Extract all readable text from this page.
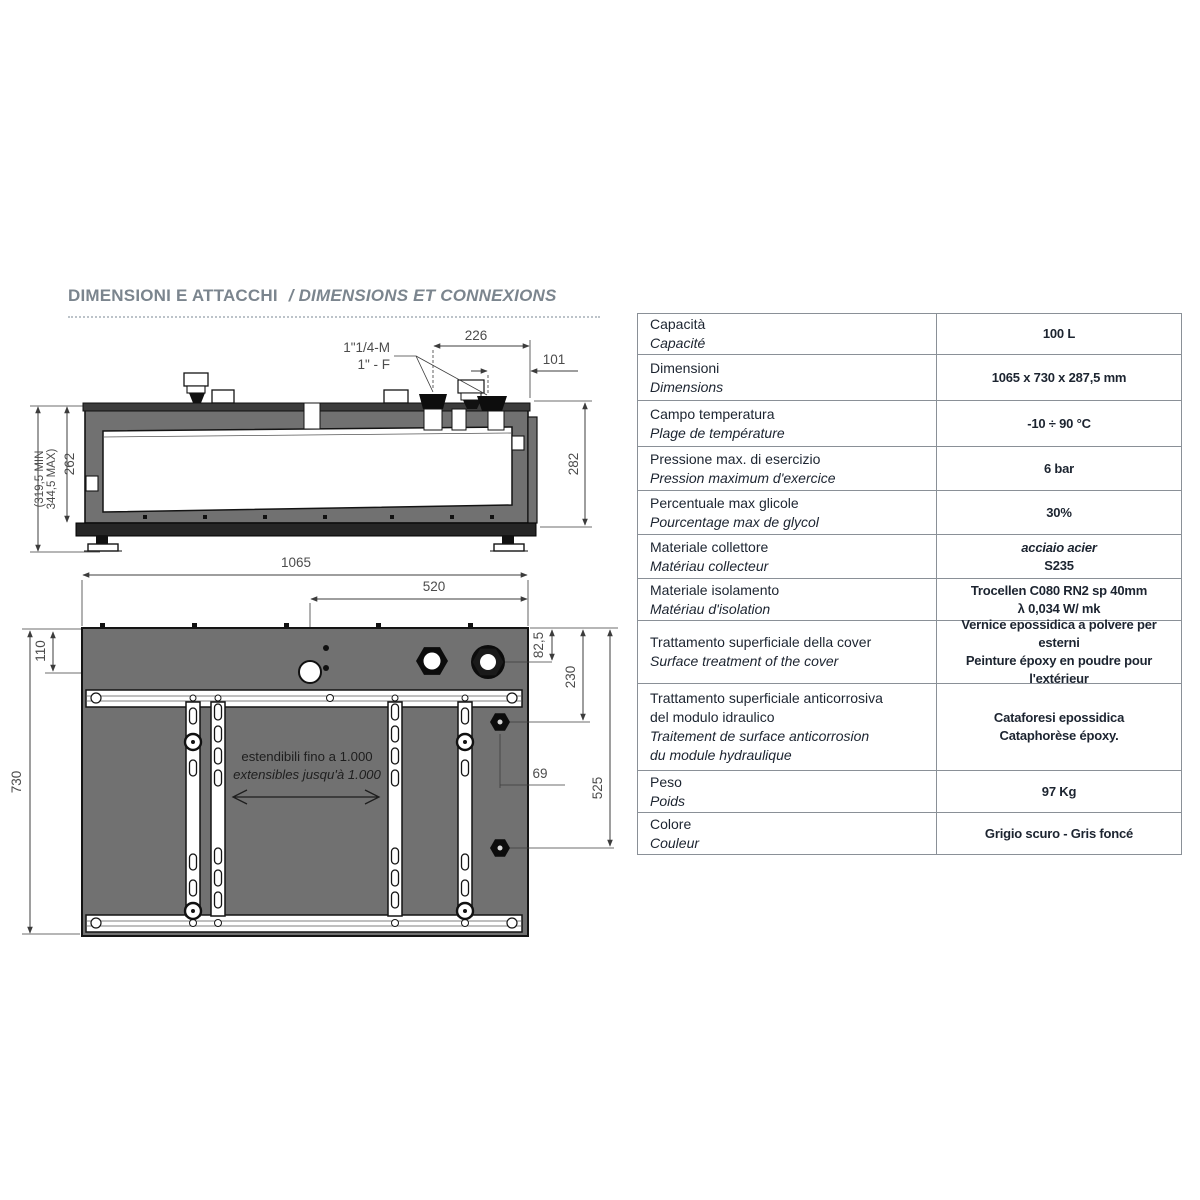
DIMENSIONI E ATTACCHI / DIMENSIONS ET CONNEXIONS
(319,5 MIN 344,5 MAX) 262
1"1/4-M
1" - F
226
101
282
1065
520
730
110	82,5
230
525
69
estendibili fino a 1.000
extensibles jusqu'à 1.000
Capacità
Capacité
100 L
Dimensioni
Dimensions
1065 x 730 x 287,5 mm
Campo temperatura
Plage de température
-10 ÷ 90 °C
Pressione max. di esercizio
Pression maximum d'exercice
6 bar
Percentuale max glicole
Pourcentage max de glycol
30%
Materiale collettore
Matériau collecteur
acciaio acier
S235
Materiale isolamento
Matériau d'isolation
Trocellen C080 RN2 sp 40mm
λ 0,034 W/ mk
Trattamento superficiale della cover
Surface treatment of the cover
Vernice epossidica a polvere per esterni
Peinture époxy en poudre pour
l'extérieur
Trattamento superficiale anticorrosiva
del modulo idraulico
Traitement de surface anticorrosion
du module hydraulique
Cataforesi epossidica
Cataphorèse époxy.
Peso
Poids
97 Kg
Colore
Couleur
Grigio scuro - Gris foncé
